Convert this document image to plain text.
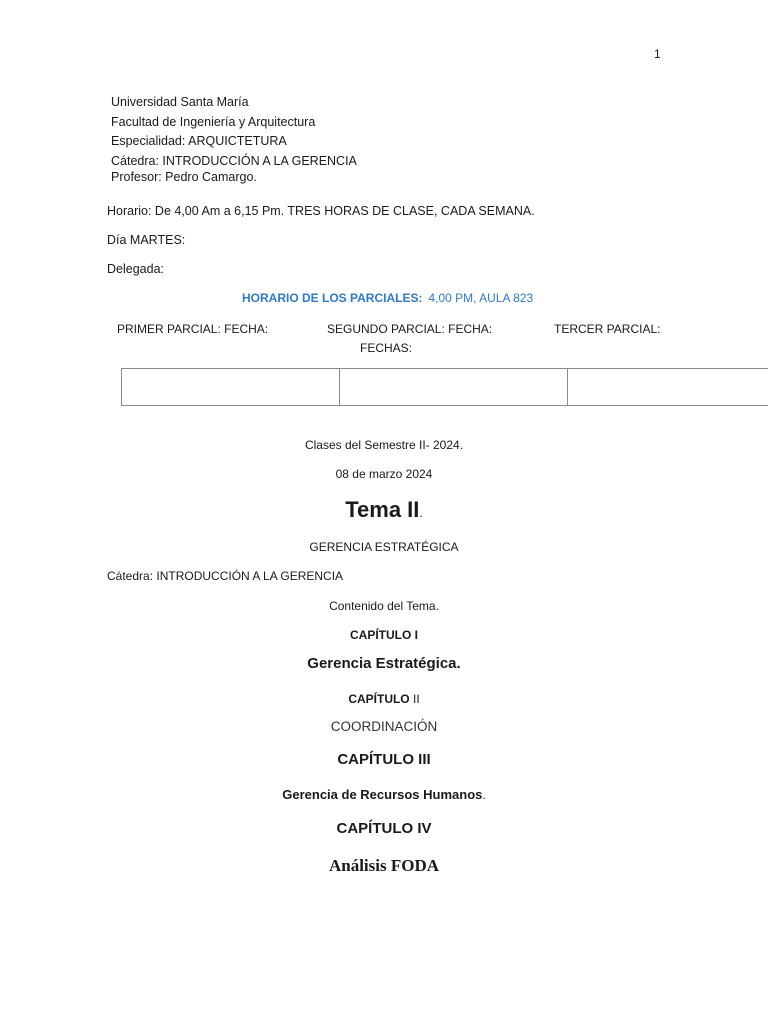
1
Universidad Santa María
Facultad de Ingeniería y Arquitectura
Especialidad: ARQUICTETURA
Cátedra: INTRODUCCIÓN A LA GERENCIA
Profesor: Pedro Camargo.
Horario: De 4,00 Am a 6,15 Pm. TRES HORAS DE CLASE, CADA SEMANA.
Día MARTES:
Delegada:
HORARIO DE LOS PARCIALES: 4,00 PM, AULA 823
PRIMER PARCIAL: FECHA:	SEGUNDO PARCIAL: FECHA:	TERCER PARCIAL:
FECHAS:

Clases del Semestre II- 2024.
08 de marzo 2024
Tema II.
GERENCIA ESTRATÉGICA
Cátedra: INTRODUCCIÓN A LA GERENCIA
Contenido del Tema.
CAPÍTULO I
Gerencia Estratégica.
CAPÍTULO II
COORDINACIÓN
CAPÍTULO III
Gerencia de Recursos Humanos.
CAPÍTULO IV
Análisis FODA
